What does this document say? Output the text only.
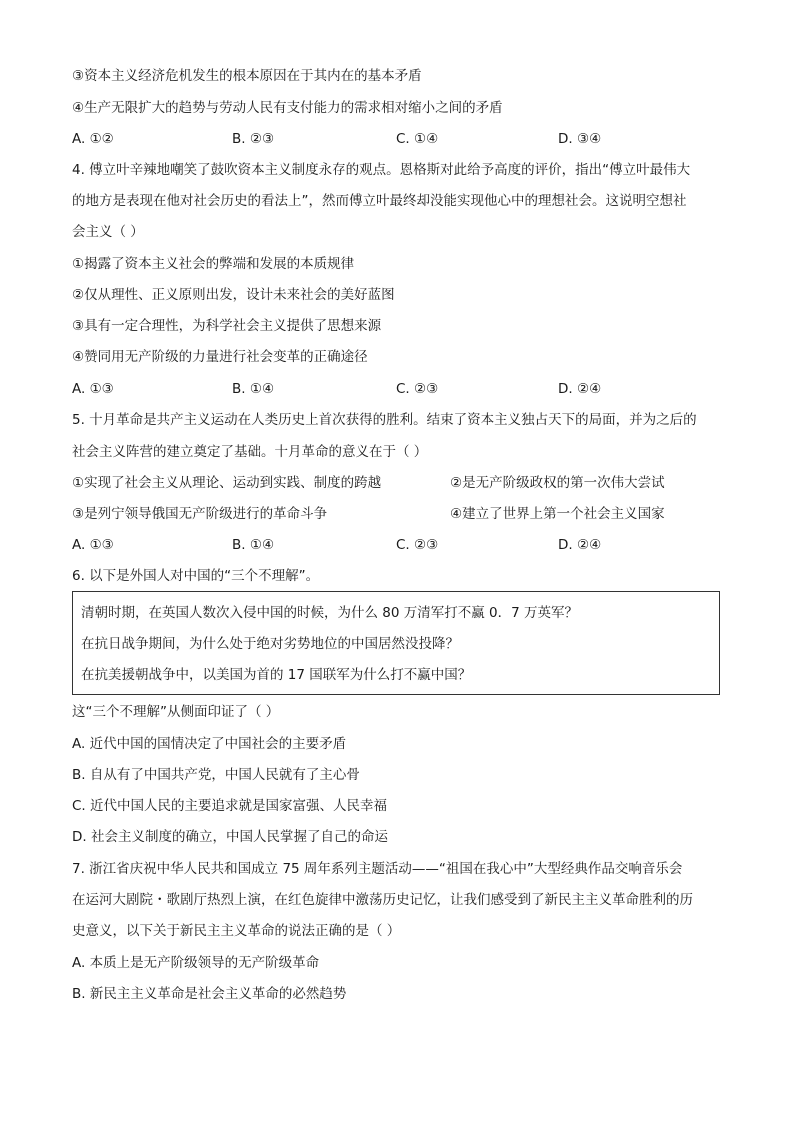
③资本主义经济危机发生的根本原因在于其内在的基本矛盾
④生产无限扩大的趋势与劳动人民有支付能力的需求相对缩小之间的矛盾
A. ①②	B. ②③	C. ①④	D. ③④
4. 傅立叶辛辣地嘲笑了鼓吹资本主义制度永存的观点。恩格斯对此给予高度的评价，指出“傅立叶最伟大
的地方是表现在他对社会历史的看法上”，然而傅立叶最终却没能实现他心中的理想社会。这说明空想社
会主义（ ）
①揭露了资本主义社会的弊端和发展的本质规律
②仅从理性、正义原则出发，设计未来社会的美好蓝图
③具有一定合理性，为科学社会主义提供了思想来源
④赞同用无产阶级的力量进行社会变革的正确途径
A. ①③	B. ①④	C. ②③	D. ②④
5. 十月革命是共产主义运动在人类历史上首次获得的胜利。结束了资本主义独占天下的局面，并为之后的
社会主义阵营的建立奠定了基础。十月革命的意义在于（ ）
①实现了社会主义从理论、运动到实践、制度的跨越	②是无产阶级政权的第一次伟大尝试
③是列宁领导俄国无产阶级进行的革命斗争	④建立了世界上第一个社会主义国家
A. ①③	B. ①④	C. ②③	D. ②④
6. 以下是外国人对中国的“三个不理解”。
清朝时期，在英国人数次入侵中国的时候，为什么 80 万清军打不赢 0．7 万英军？
在抗日战争期间，为什么处于绝对劣势地位的中国居然没投降？
在抗美援朝战争中，以美国为首的 17 国联军为什么打不赢中国？
这“三个不理解”从侧面印证了（ ）
A. 近代中国的国情决定了中国社会的主要矛盾
B. 自从有了中国共产党，中国人民就有了主心骨
C. 近代中国人民的主要追求就是国家富强、人民幸福
D. 社会主义制度的确立，中国人民掌握了自己的命运
7. 浙江省庆祝中华人民共和国成立 75 周年系列主题活动——“祖国在我心中”大型经典作品交响音乐会
在运河大剧院・歌剧厅热烈上演，在红色旋律中激荡历史记忆，让我们感受到了新民主主义革命胜利的历
史意义，以下关于新民主主义革命的说法正确的是（ ）
A. 本质上是无产阶级领导的无产阶级革命
B. 新民主主义革命是社会主义革命的必然趋势
